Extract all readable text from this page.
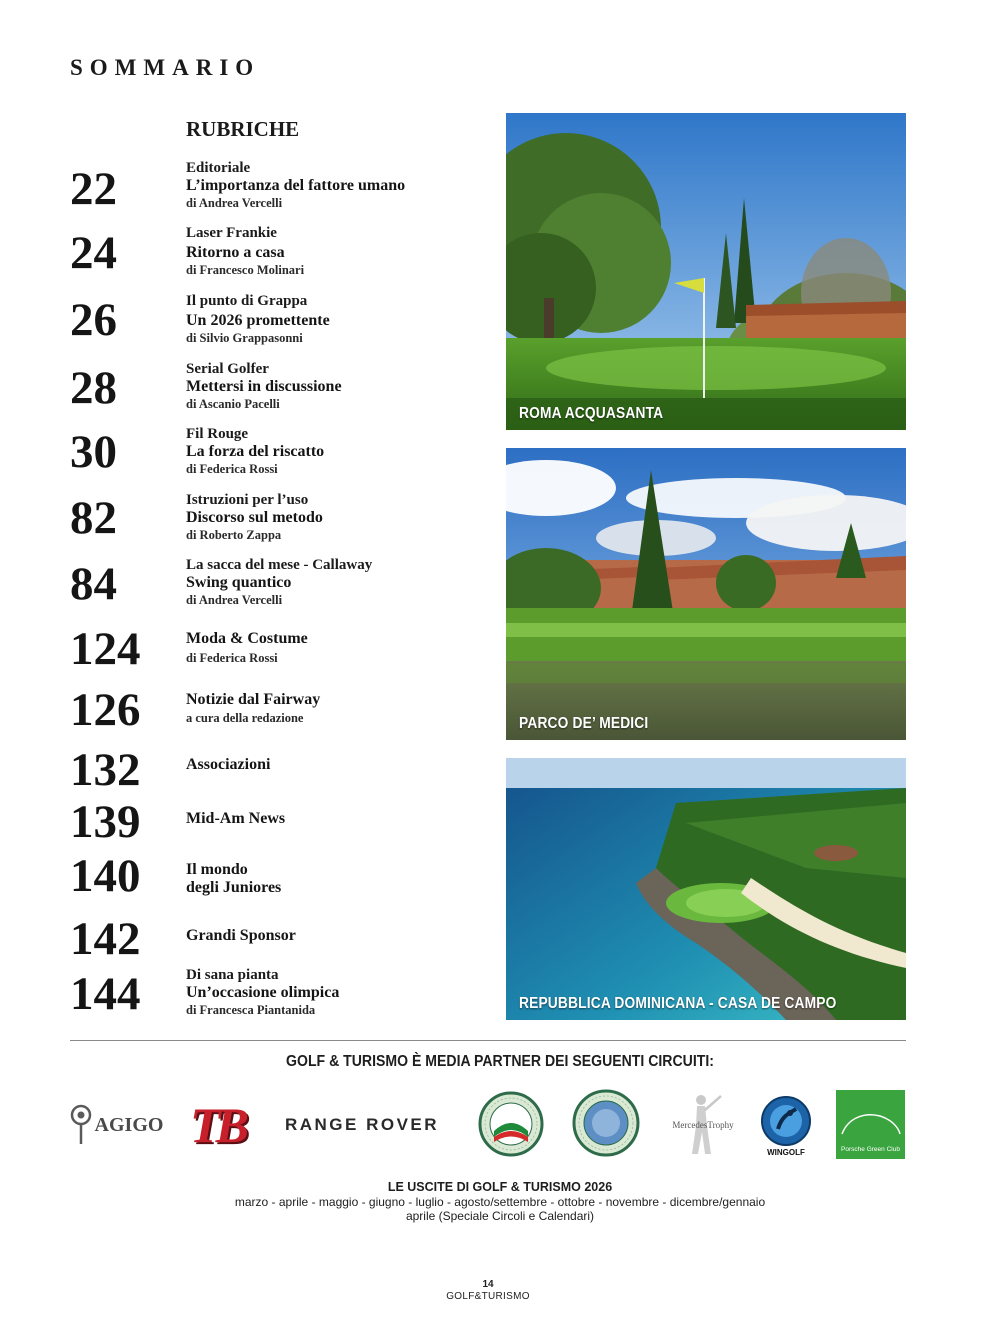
SOMMARIO
RUBRICHE
22	Editoriale
L’importanza del fattore umano
di Andrea Vercelli
24	Laser Frankie
Ritorno a casa
di Francesco Molinari
26	Il punto di Grappa
Un 2026 promettente
di Silvio Grappasonni
28	Serial Golfer
Mettersi in discussione
di Ascanio Pacelli
30	Fil Rouge
La forza del riscatto
di Federica Rossi
82	Istruzioni per l’uso
Discorso sul metodo
di Roberto Zappa
84	La sacca del mese - Callaway
Swing quantico
di Andrea Vercelli
124	Moda & Costume
di Federica Rossi
126	Notizie dal Fairway
a cura della redazione
132	Associazioni
139	Mid-Am News
140	Il mondo
degli Juniores
142	Grandi Sponsor
144	Di sana pianta
Un’occasione olimpica
di Francesca Piantanida
ROMA ACQUASANTA
PARCO DE’ MEDICI
REPUBBLICA DOMINICANA - CASA DE CAMPO
GOLF & TURISMO È MEDIA PARTNER DEI SEGUENTI CIRCUITI:
AGIGO TB RANGE ROVER	MercedesTrophy
WINGOLF	Porsche Green Club
LE USCITE DI GOLF & TURISMO 2026
marzo - aprile - maggio - giugno - luglio - agosto/settembre - ottobre - novembre - dicembre/gennaio
aprile (Speciale Circoli e Calendari)
14
GOLF&TURISMO
